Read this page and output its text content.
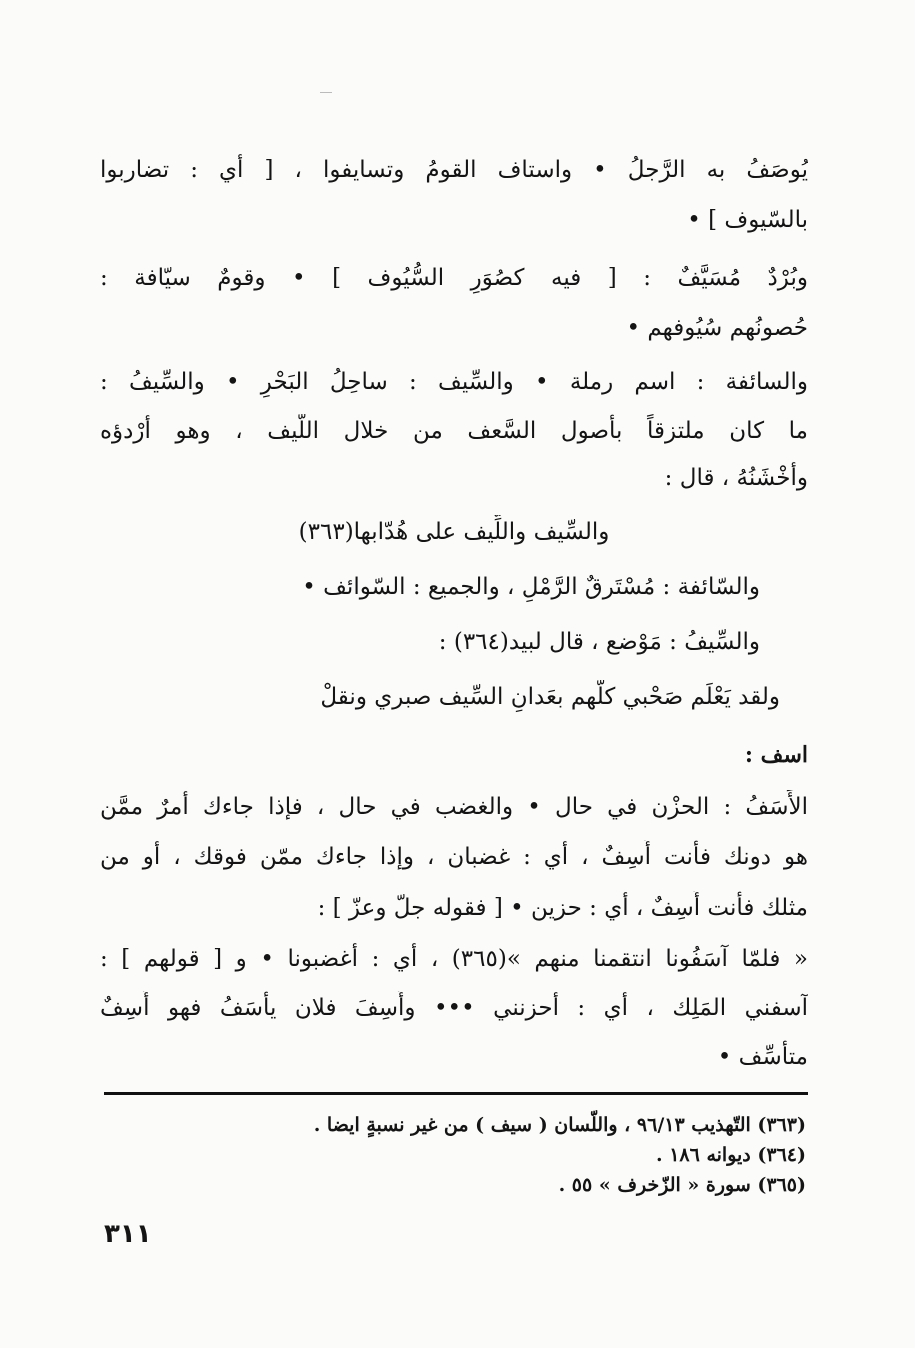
يُوصَفُ به الرَّجلُ • واستاف القومُ وتسايفوا ، [ أي : تضاربوا
بالسّيوف ] •
وبُرْدٌ مُسَيَّفٌ : [ فيه كصُوَرِ السُّيُوف ] • وقومٌ سيّافة :
حُصونُهم سُيُوفهم •
والسائفة : اسم رملة • والسِّيف : ساحِلُ البَحْرِ • والسِّيفُ :
ما كان ملتزقاً بأصول السَّعف من خلال اللّيف ، وهو أرْدؤه
وأخْشَنُهُ ، قال :
والسِّيف واللِّيف على هُدّابها(٣٦٣)
والسّائفة : مُسْتَرقٌ الرَّمْلِ ، والجميع : السّوائف •
والسِّيفُ : مَوْضع ، قال لبيد(٣٦٤) :
ولقد يَعْلَم صَحْبي كلّهم بعَدانِ السِّيف صبري ونقلْ
اسف :
الأَسَفُ : الحزْن في حال • والغضب في حال ، فإذا جاءك أمرٌ ممَّن
هو دونك فأنت أَسِفٌ ، أي : غضبان ، وإذا جاءك ممّن فوقك ، أو من
مثلك فأنت أَسِفٌ ، أي : حزين • [ فقوله جلّ وعزّ ] :
« فلمّا آسَفُونا انتقمنا منهم »(٣٦٥) ، أي : أغضبونا • و [ قولهم ] :
آسفني المَلِك ، أي : أحزنني ••• وأَسِفَ فلان يأْسَفُ فهو أَسِفٌ
متأسِّف •
(٣٦٣) التّهذيب ٩٦/١٣ ، واللّسان ( سيف ) من غير نسبةٍ ايضا .
(٣٦٤) ديوانه ١٨٦ .
(٣٦٥) سورة « الزّخرف » ٥٥ .
٣١١
